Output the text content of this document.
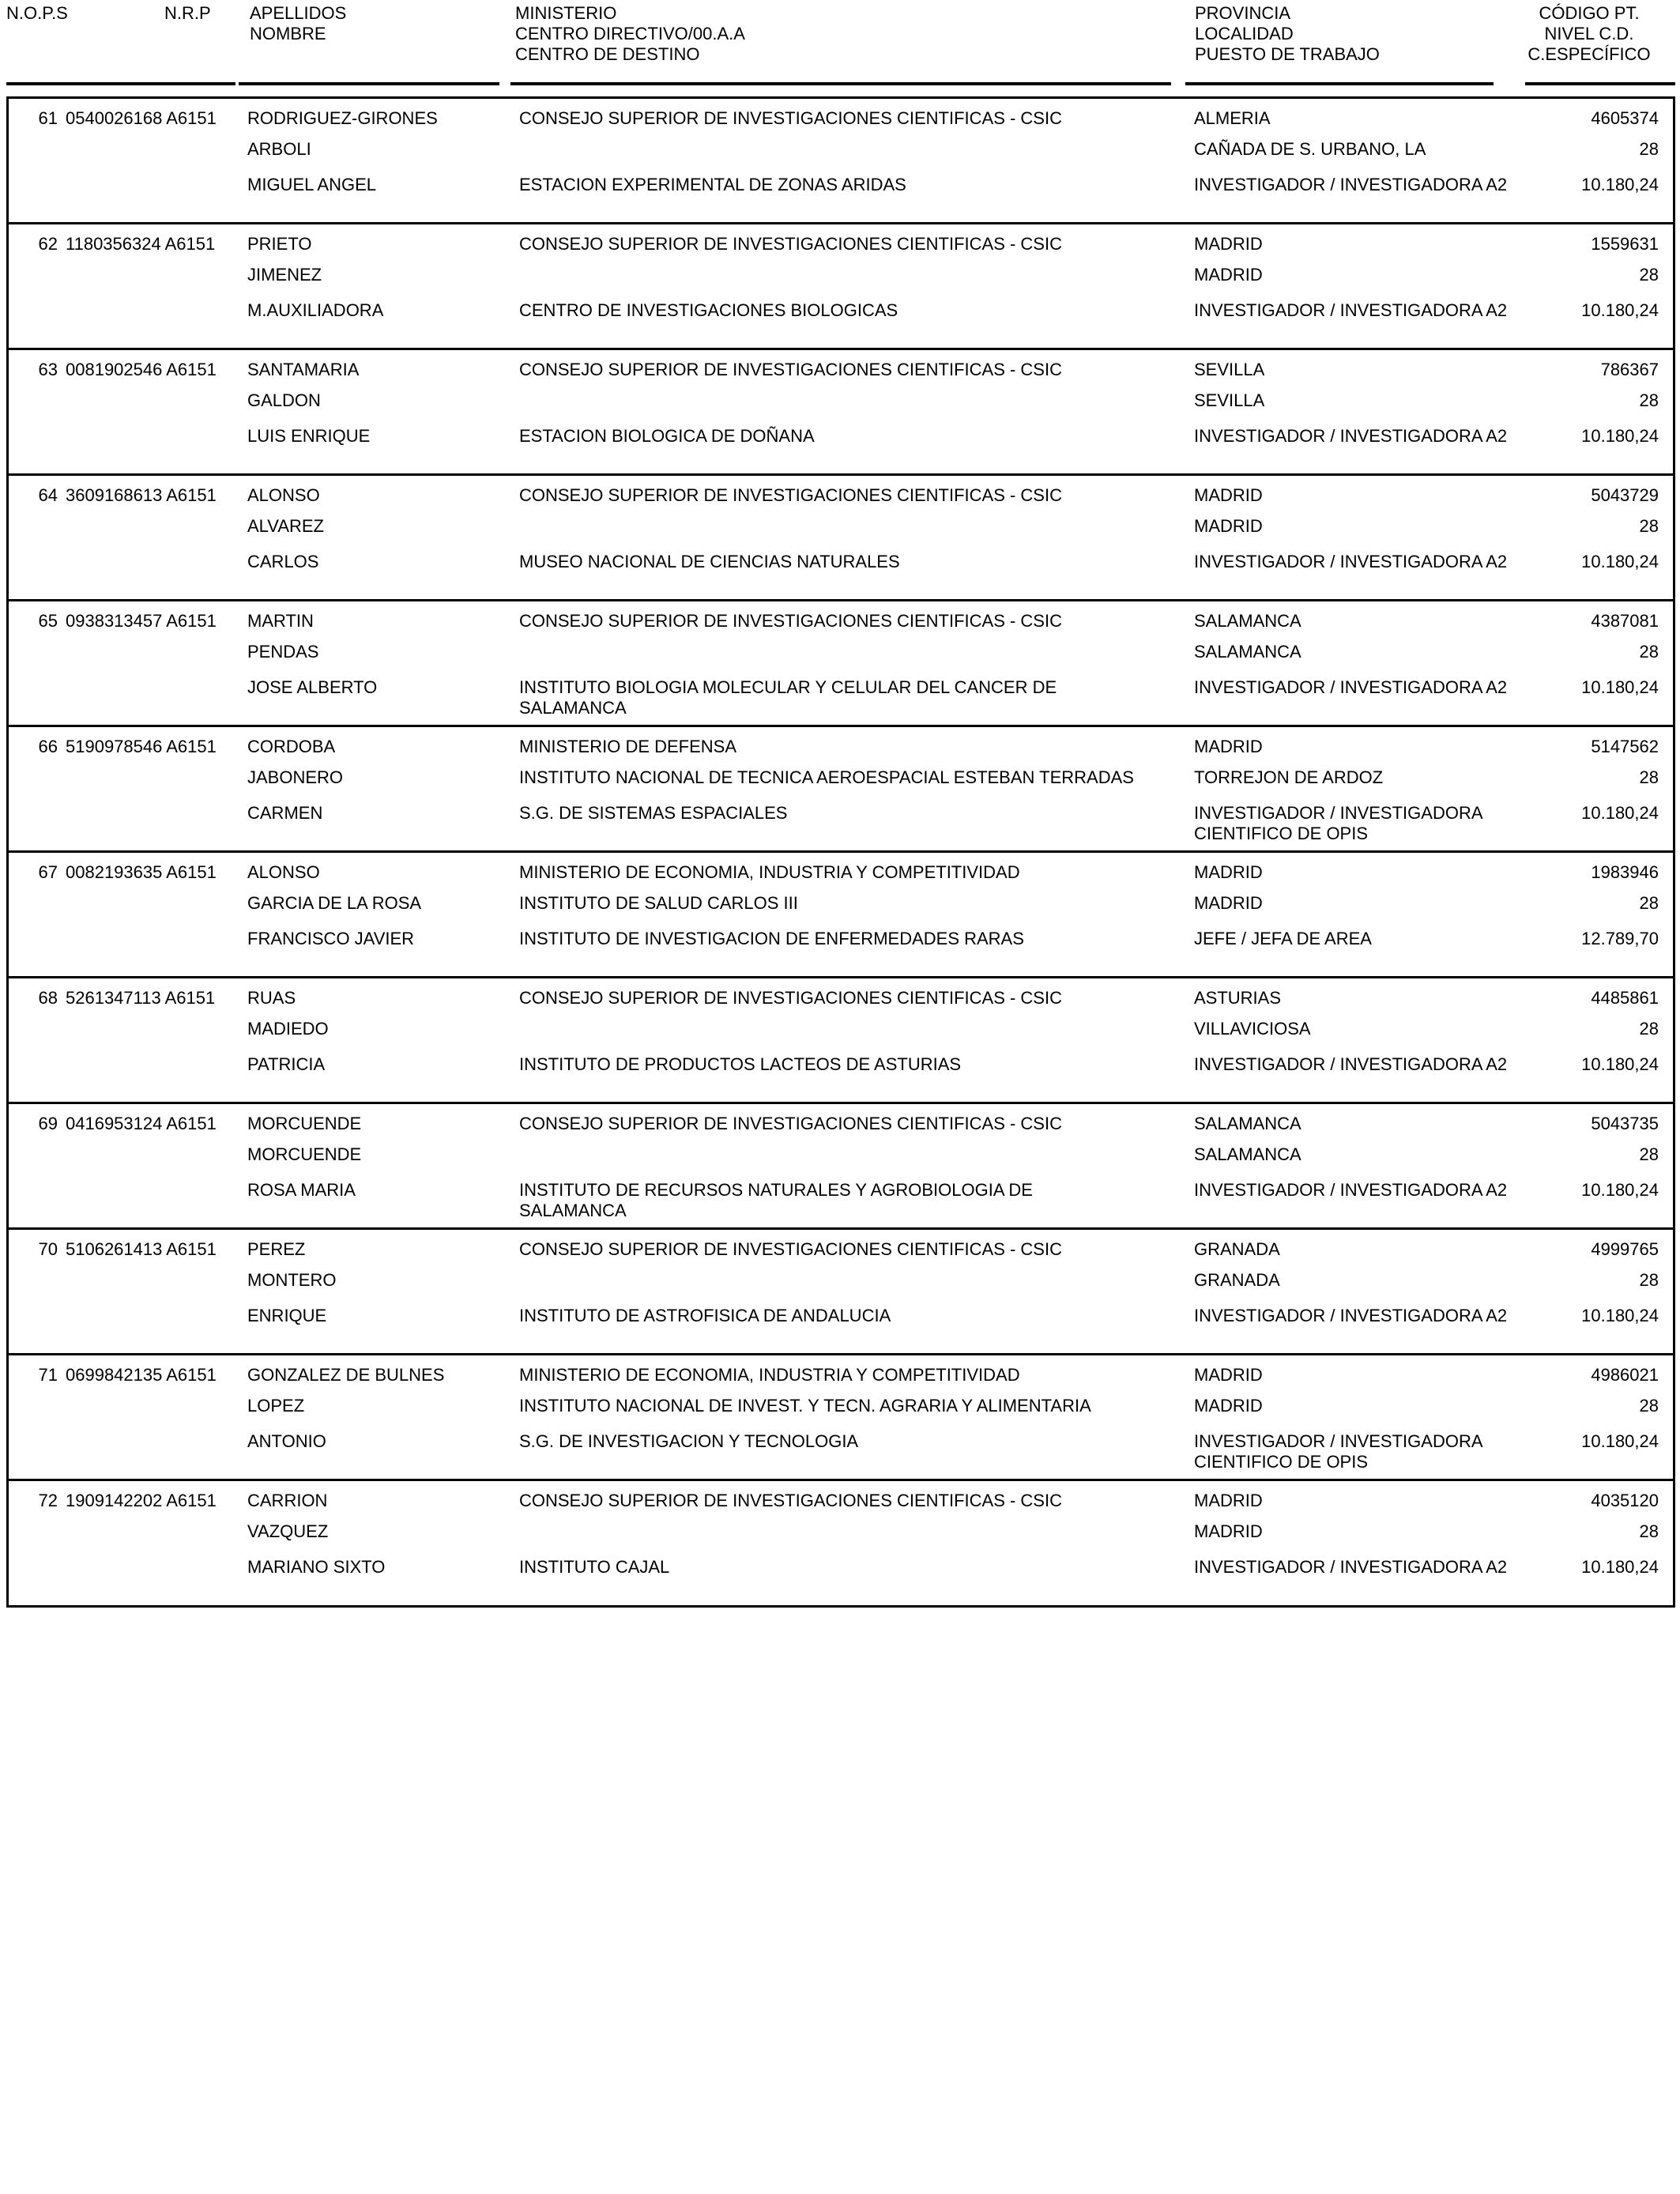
N.O.P.S	N.R.P APELLIDOS
NOMBRE
MINISTERIO
CENTRO DIRECTIVO/00.A.A
CENTRO DE DESTINO
PROVINCIA
LOCALIDAD
PUESTO DE TRABAJO
CÓDIGO PT.
NIVEL C.D.
C.ESPECÍFICO
61 0540026168 A6151 RODRIGUEZ-GIRONES
ARBOLI
MIGUEL ANGEL
CONSEJO SUPERIOR DE INVESTIGACIONES CIENTIFICAS - CSIC
ESTACION EXPERIMENTAL DE ZONAS ARIDAS
ALMERIA
CAÑADA DE S. URBANO, LA
INVESTIGADOR / INVESTIGADORA A2
4605374
28
10.180,24
62 1180356324 A6151 PRIETO
JIMENEZ
M.AUXILIADORA
CONSEJO SUPERIOR DE INVESTIGACIONES CIENTIFICAS - CSIC
CENTRO DE INVESTIGACIONES BIOLOGICAS
MADRID
MADRID
INVESTIGADOR / INVESTIGADORA A2
1559631
28
10.180,24
63 0081902546 A6151 SANTAMARIA
GALDON
LUIS ENRIQUE
CONSEJO SUPERIOR DE INVESTIGACIONES CIENTIFICAS - CSIC
ESTACION BIOLOGICA DE DOÑANA
SEVILLA
SEVILLA
INVESTIGADOR / INVESTIGADORA A2
786367
28
10.180,24
64 3609168613 A6151 ALONSO
ALVAREZ
CARLOS
CONSEJO SUPERIOR DE INVESTIGACIONES CIENTIFICAS - CSIC
MUSEO NACIONAL DE CIENCIAS NATURALES
MADRID
MADRID
INVESTIGADOR / INVESTIGADORA A2
5043729
28
10.180,24
65 0938313457 A6151 MARTIN
PENDAS
JOSE ALBERTO
CONSEJO SUPERIOR DE INVESTIGACIONES CIENTIFICAS - CSIC
INSTITUTO BIOLOGIA MOLECULAR Y CELULAR DEL CANCER DE SALAMANCA
SALAMANCA
SALAMANCA
INVESTIGADOR / INVESTIGADORA A2
4387081
28
10.180,24
66 5190978546 A6151 CORDOBA
JABONERO
CARMEN
MINISTERIO DE DEFENSA
INSTITUTO NACIONAL DE TECNICA AEROESPACIAL ESTEBAN TERRADAS
S.G. DE SISTEMAS ESPACIALES
MADRID
TORREJON DE ARDOZ
INVESTIGADOR / INVESTIGADORA CIENTIFICO DE OPIS
5147562
28
10.180,24
67 0082193635 A6151 ALONSO
GARCIA DE LA ROSA
FRANCISCO JAVIER
MINISTERIO DE ECONOMIA, INDUSTRIA Y COMPETITIVIDAD
INSTITUTO DE SALUD CARLOS III
INSTITUTO DE INVESTIGACION DE ENFERMEDADES RARAS
MADRID
MADRID
JEFE / JEFA DE AREA
1983946
28
12.789,70
68 5261347113 A6151 RUAS
MADIEDO
PATRICIA
CONSEJO SUPERIOR DE INVESTIGACIONES CIENTIFICAS - CSIC
INSTITUTO DE PRODUCTOS LACTEOS DE ASTURIAS
ASTURIAS
VILLAVICIOSA
INVESTIGADOR / INVESTIGADORA A2
4485861
28
10.180,24
69 0416953124 A6151 MORCUENDE
MORCUENDE
ROSA MARIA
CONSEJO SUPERIOR DE INVESTIGACIONES CIENTIFICAS - CSIC
INSTITUTO DE RECURSOS NATURALES Y AGROBIOLOGIA DE SALAMANCA
SALAMANCA
SALAMANCA
INVESTIGADOR / INVESTIGADORA A2
5043735
28
10.180,24
70 5106261413 A6151 PEREZ
MONTERO
ENRIQUE
CONSEJO SUPERIOR DE INVESTIGACIONES CIENTIFICAS - CSIC
INSTITUTO DE ASTROFISICA DE ANDALUCIA
GRANADA
GRANADA
INVESTIGADOR / INVESTIGADORA A2
4999765
28
10.180,24
71 0699842135 A6151 GONZALEZ DE BULNES
LOPEZ
ANTONIO
MINISTERIO DE ECONOMIA, INDUSTRIA Y COMPETITIVIDAD
INSTITUTO NACIONAL DE INVEST. Y TECN. AGRARIA Y ALIMENTARIA
S.G. DE INVESTIGACION Y TECNOLOGIA
MADRID
MADRID
INVESTIGADOR / INVESTIGADORA CIENTIFICO DE OPIS
4986021
28
10.180,24
72 1909142202 A6151 CARRION
VAZQUEZ
MARIANO SIXTO
CONSEJO SUPERIOR DE INVESTIGACIONES CIENTIFICAS - CSIC
INSTITUTO CAJAL
MADRID
MADRID
INVESTIGADOR / INVESTIGADORA A2
4035120
28
10.180,24
